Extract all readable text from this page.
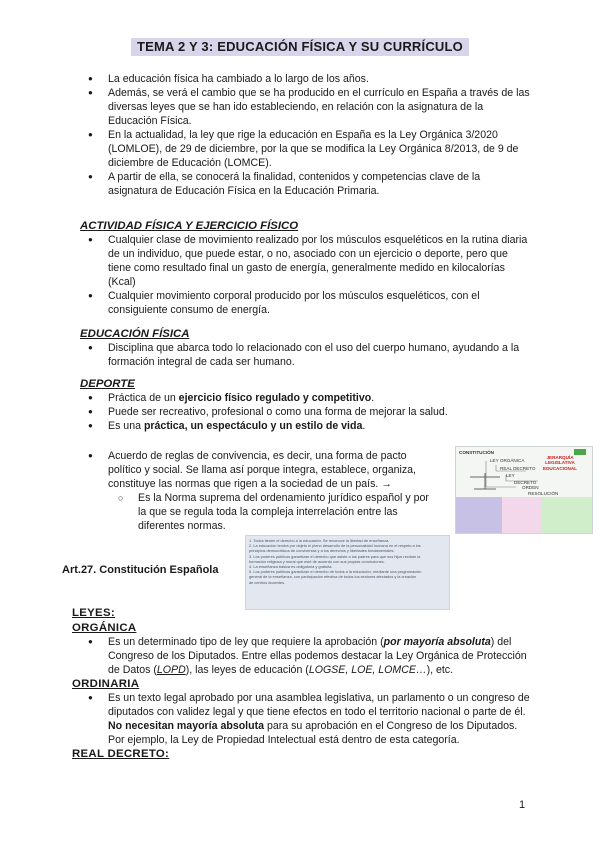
TEMA 2 Y 3: EDUCACIÓN FÍSICA Y SU CURRÍCULO
● La educación física ha cambiado a lo largo de los años.
● Además, se verá el cambio que se ha producido en el currículo en España a través de las diversas leyes que se han ido estableciendo, en relación con la asignatura de la Educación Física.
● En la actualidad, la ley que rige la educación en España es la Ley Orgánica 3/2020 (LOMLOE), de 29 de diciembre, por la que se modifica la Ley Orgánica 8/2013, de 9 de diciembre de Educación (LOMCE).
● A partir de ella, se conocerá la finalidad, contenidos y competencias clave de la asignatura de Educación Física en la Educación Primaria.
ACTIVIDAD FÍSICA Y EJERCICIO FÍSICO
● Cualquier clase de movimiento realizado por los músculos esqueléticos en la rutina diaria de un individuo, que puede estar, o no, asociado con un ejercicio o deporte, pero que tiene como resultado final un gasto de energía, generalmente medido en kilocalorías (Kcal)
● Cualquier movimiento corporal producido por los músculos esqueléticos, con el consiguiente consumo de energía.
EDUCACIÓN FÍSICA
● Disciplina que abarca todo lo relacionado con el uso del cuerpo humano, ayudando a la formación integral de cada ser humano.
DEPORTE
● Práctica de un ejercicio físico regulado y competitivo.
● Puede ser recreativo, profesional o como una forma de mejorar la salud.
● Es una práctica, un espectáculo y un estilo de vida.
● Acuerdo de reglas de convivencia, es decir, una forma de pacto político y social. Se llama así porque integra, establece, organiza, constituye las normas que rigen a la sociedad de un país. →
○ Es la Norma suprema del ordenamiento jurídico español y por la que se regula toda la compleja interrelación entre las diferentes normas.
CONSTITUCIÓN
LEY ORGÁNICA
REAL DECRETO
LEY
DECRETO
ORDEN
RESOLUCIÓN
JERARQUÍA LEGISLATIVA EDUCACIONAL
Art.27. Constitución Española
1. Todos tienen el derecho a la educación. Se reconoce la libertad de enseñanza.
2. La educación tendrá por objeto el pleno desarrollo de la personalidad humana en el respeto a los
principios democráticos de convivencia y a los derechos y libertades fundamentales.
3. Los poderes públicos garantizan el derecho que asiste a los padres para que sus hijos reciban la
formación religiosa y moral que esté de acuerdo con sus propias convicciones.
4. La enseñanza básica es obligatoria y gratuita.
5. Los poderes públicos garantizan el derecho de todos a la educación, mediante una programación
general de la enseñanza, con participación efectiva de todos los sectores afectados y la creación
de centros docentes.
LEYES:
ORGÁNICA
● Es un determinado tipo de ley que requiere la aprobación (por mayoría absoluta) del Congreso de los Diputados. Entre ellas podemos destacar la Ley Orgánica de Protección de Datos (LOPD), las leyes de educación (LOGSE, LOE, LOMCE…), etc.
ORDINARIA
● Es un texto legal aprobado por una asamblea legislativa, un parlamento o un congreso de diputados con validez legal y que tiene efectos en todo el territorio nacional o parte de él. No necesitan mayoría absoluta para su aprobación en el Congreso de los Diputados. Por ejemplo, la Ley de Propiedad Intelectual está dentro de esta categoría.
REAL DECRETO:
1
